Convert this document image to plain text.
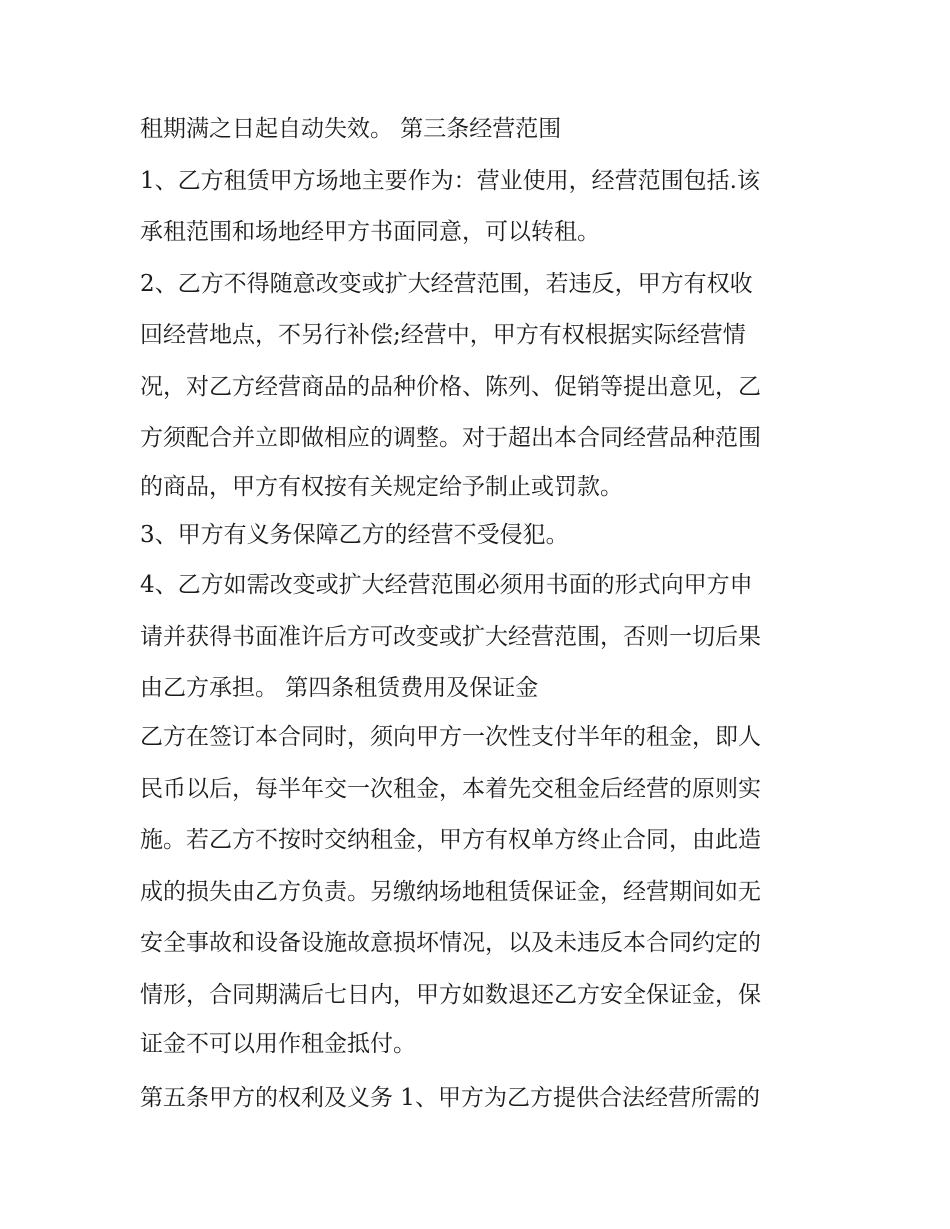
租期满之日起自动失效。 第三条经营范围
1、乙方租赁甲方场地主要作为：营业使用，经营范围包括.该
承租范围和场地经甲方书面同意，可以转租。
2、乙方不得随意改变或扩大经营范围，若违反，甲方有权收
回经营地点，不另行补偿;经营中，甲方有权根据实际经营情
况，对乙方经营商品的品种价格、陈列、促销等提出意见，乙
方须配合并立即做相应的调整。对于超出本合同经营品种范围
的商品，甲方有权按有关规定给予制止或罚款。
3、甲方有义务保障乙方的经营不受侵犯。
4、乙方如需改变或扩大经营范围必须用书面的形式向甲方申
请并获得书面准许后方可改变或扩大经营范围，否则一切后果
由乙方承担。 第四条租赁费用及保证金
乙方在签订本合同时，须向甲方一次性支付半年的租金，即人
民币以后，每半年交一次租金，本着先交租金后经营的原则实
施。若乙方不按时交纳租金，甲方有权单方终止合同，由此造
成的损失由乙方负责。另缴纳场地租赁保证金，经营期间如无
安全事故和设备设施故意损坏情况，以及未违反本合同约定的
情形，合同期满后七日内，甲方如数退还乙方安全保证金，保
证金不可以用作租金抵付。
第五条甲方的权利及义务 1、甲方为乙方提供合法经营所需的
